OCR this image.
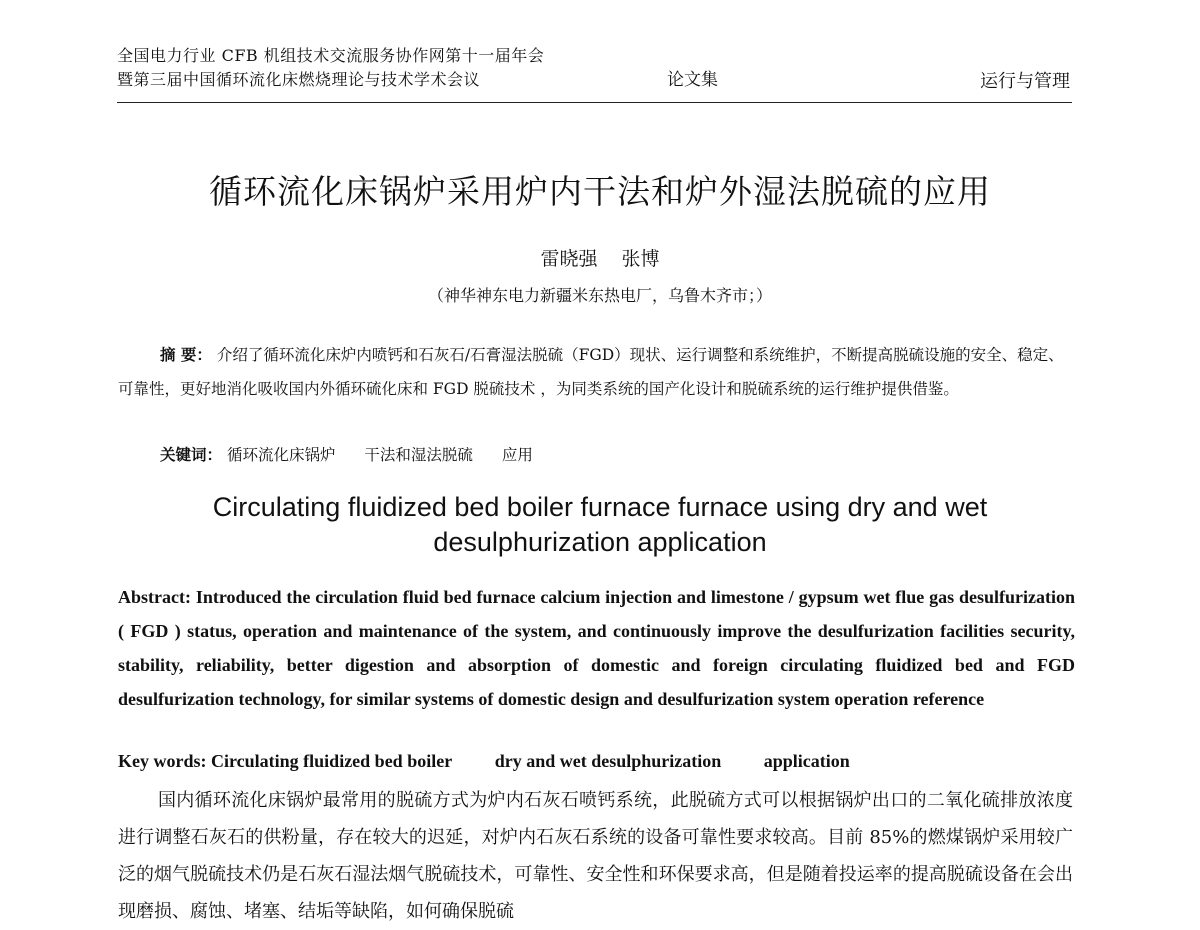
全国电力行业 CFB 机组技术交流服务协作网第十一届年会
暨第三届中国循环流化床燃烧理论与技术学术会议	论文集	运行与管理
循环流化床锅炉采用炉内干法和炉外湿法脱硫的应用
雷晓强 张博
（神华神东电力新疆米东热电厂，乌鲁木齐市；）
摘 要： 介绍了循环流化床炉内喷钙和石灰石/石膏湿法脱硫（FGD）现状、运行调整和系统维护，不断提高脱硫设施的安全、稳定、可靠性，更好地消化吸收国内外循环硫化床和 FGD 脱硫技术 ，为同类系统的国产化设计和脱硫系统的运行维护提供借鉴。
关键词： 循环流化床锅炉 干法和湿法脱硫 应用
Circulating fluidized bed boiler furnace furnace using dry and wet
desulphurization application
Abstract: Introduced the circulation fluid bed furnace calcium injection and limestone / gypsum wet flue gas desulfurization ( FGD ) status, operation and maintenance of the system, and continuously improve the desulfurization facilities security, stability, reliability, better digestion and absorption of domestic and foreign circulating fluidized bed and FGD desulfurization technology, for similar systems of domestic design and desulfurization system operation reference
Key words: Circulating fluidized bed boiler dry and wet desulphurization application
国内循环流化床锅炉最常用的脱硫方式为炉内石灰石喷钙系统，此脱硫方式可以根据锅炉出口的二氧化硫排放浓度进行调整石灰石的供粉量，存在较大的迟延，对炉内石灰石系统的设备可靠性要求较高。目前 85%的燃煤锅炉采用较广泛的烟气脱硫技术仍是石灰石湿法烟气脱硫技术，可靠性、安全性和环保要求高，但是随着投运率的提高脱硫设备在会出现磨损、腐蚀、堵塞、结垢等缺陷，如何确保脱硫
